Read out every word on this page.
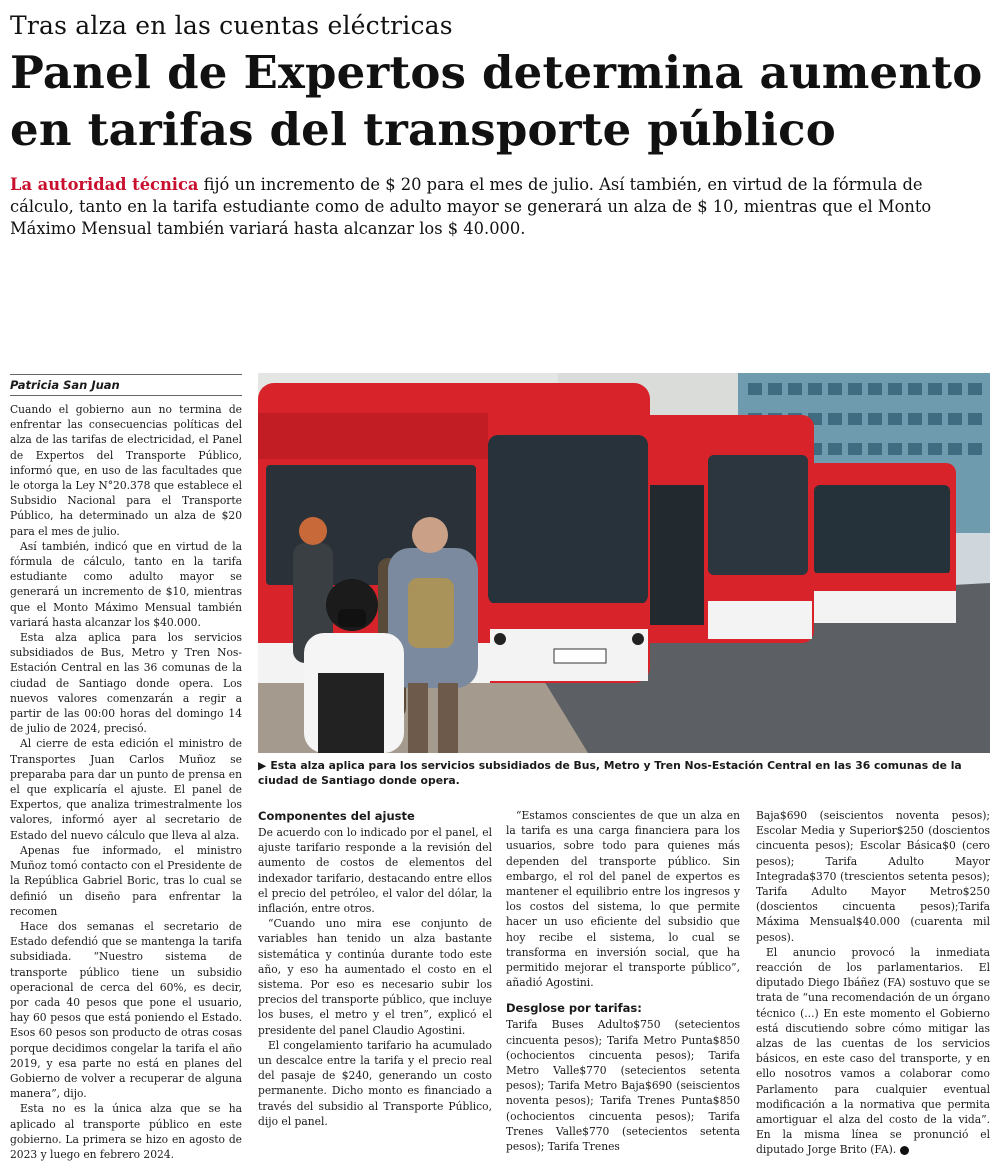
Tras alza en las cuentas eléctricas
Panel de Expertos determina aumento en tarifas del transporte público

La autoridad técnica fijó un incremento de $ 20 para el mes de julio. Así también, en virtud de la fórmula de cálculo, tanto en la tarifa estudiante como de adulto mayor se generará un alza de $ 10, mientras que el Monto Máximo Mensual también variará hasta alcanzar los $ 40.000.

Patricia San Juan

Cuando el gobierno aun no termina de enfrentar las consecuencias políticas del alza de las tarifas de electricidad, el Panel de Expertos del Transporte Público, informó que, en uso de las facultades que le otorga la Ley N°20.378 que establece el Subsidio Nacional para el Transporte Público, ha determinado un alza de $20 para el mes de julio.

Así también, indicó que en virtud de la fórmula de cálculo, tanto en la tarifa estudiante como adulto mayor se generará un incremento de $10, mientras que el Monto Máximo Mensual también variará hasta alcanzar los $40.000.

Esta alza aplica para los servicios subsidiados de Bus, Metro y Tren Nos-Estación Central en las 36 comunas de la ciudad de Santiago donde opera. Los nuevos valores comenzarán a regir a partir de las 00:00 horas del domingo 14 de julio de 2024, precisó.

Al cierre de esta edición el ministro de Transportes Juan Carlos Muñoz se preparaba para dar un punto de prensa en el que explicaría el ajuste. El panel de Expertos, que analiza trimestralmente los valores, informó ayer al secretario de Estado del nuevo cálculo que lleva al alza.

Apenas fue informado, el ministro Muñoz tomó contacto con el Presidente de la República Gabriel Boric, tras lo cual se definió un diseño para enfrentar la recomen

Hace dos semanas el secretario de Estado defendió que se mantenga la tarifa subsidiada. “Nuestro sistema de transporte público tiene un subsidio operacional de cerca del 60%, es decir, por cada 40 pesos que pone el usuario, hay 60 pesos que está poniendo el Estado. Esos 60 pesos son producto de otras cosas porque decidimos congelar la tarifa el año 2019, y esa parte no está en planes del Gobierno de volver a recuperar de alguna manera”, dijo.

Esta no es la única alza que se ha aplicado al transporte público en este gobierno. La primera se hizo en agosto de 2023 y luego en febrero 2024.

▶ Esta alza aplica para los servicios subsidiados de Bus, Metro y Tren Nos-Estación Central en las 36 comunas de la ciudad de Santiago donde opera.
Componentes del ajuste

De acuerdo con lo indicado por el panel, el ajuste tarifario responde a la revisión del aumento de costos de elementos del indexador tarifario, destacando entre ellos el precio del petróleo, el valor del dólar, la inflación, entre otros.

“Cuando uno mira ese conjunto de variables han tenido un alza bastante sistemática y continúa durante todo este año, y eso ha aumentado el costo en el sistema. Por eso es necesario subir los precios del transporte público, que incluye los buses, el metro y el tren”, explicó el presidente del panel Claudio Agostini.

El congelamiento tarifario ha acumulado un descalce entre la tarifa y el precio real del pasaje de $240, generando un costo permanente. Dicho monto es financiado a través del subsidio al Transporte Público, dijo el panel.

“Estamos conscientes de que un alza en la tarifa es una carga financiera para los usuarios, sobre todo para quienes más dependen del transporte público. Sin embargo, el rol del panel de expertos es mantener el equilibrio entre los ingresos y los costos del sistema, lo que permite hacer un uso eficiente del subsidio que hoy recibe el sistema, lo cual se transforma en inversión social, que ha permitido mejorar el transporte público”, añadió Agostini.

Desglose por tarifas:

Tarifa Buses Adulto$750 (setecientos cincuenta pesos); Tarifa Metro Punta$850 (ochocientos cincuenta pesos); Tarifa Metro Valle$770 (setecientos setenta pesos); Tarifa Metro Baja$690 (seiscientos noventa pesos); Tarifa Trenes Punta$850 (ochocientos cincuenta pesos); Tarifa Trenes Valle$770 (setecientos setenta pesos); Tarifa Trenes

Baja$690 (seiscientos noventa pesos); Escolar Media y Superior$250 (doscientos cincuenta pesos); Escolar Básica$0 (cero pesos); Tarifa Adulto Mayor Integrada$370 (trescientos setenta pesos); Tarifa Adulto Mayor Metro$250 (doscientos cincuenta pesos);Tarifa Máxima Mensual$40.000 (cuarenta mil pesos).

El anuncio provocó la inmediata reacción de los parlamentarios. El diputado Diego Ibáñez (FA) sostuvo que se trata de “una recomendación de un órgano técnico (...) En este momento el Gobierno está discutiendo sobre cómo mitigar las alzas de las cuentas de los servicios básicos, en este caso del transporte, y en ello nosotros vamos a colaborar como Parlamento para cualquier eventual modificación a la normativa que permita amortiguar el alza del costo de la vida”. En la misma línea se pronunció el diputado Jorge Brito (FA).
